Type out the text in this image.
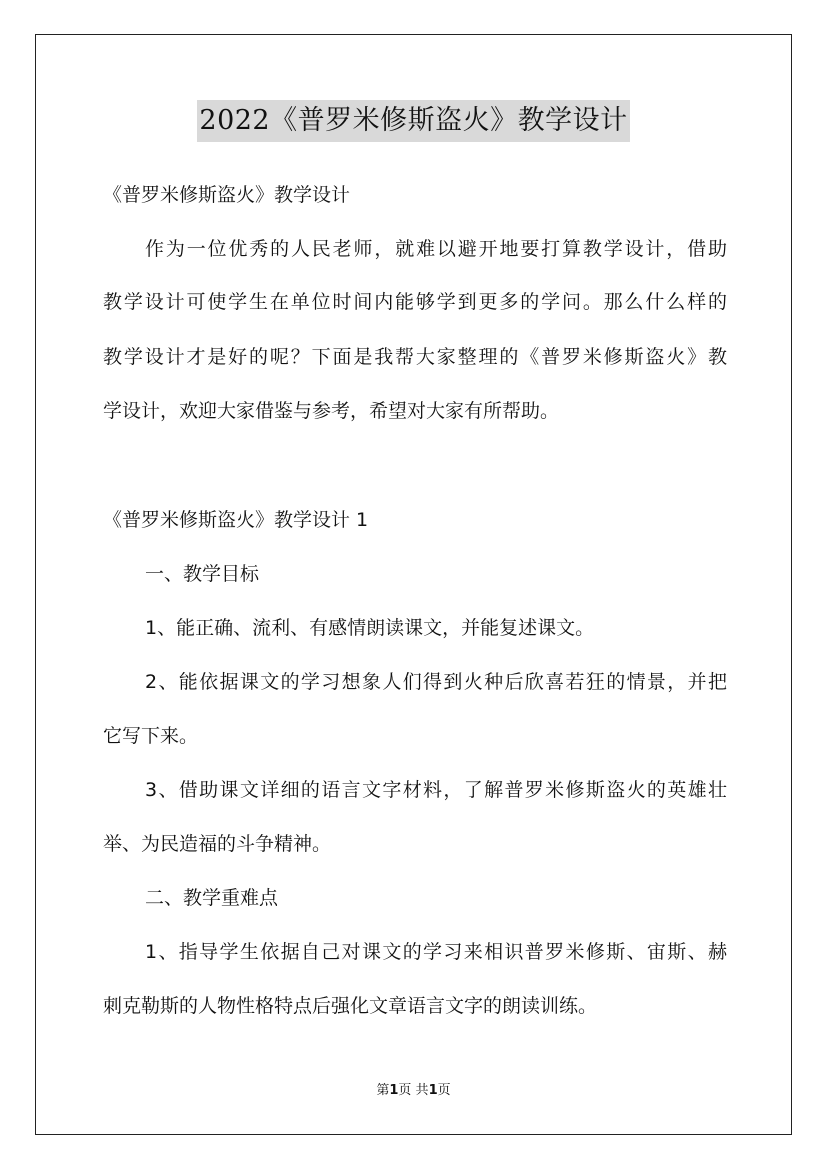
2022《普罗米修斯盗火》教学设计
《普罗米修斯盗火》教学设计
作为一位优秀的人民老师，就难以避开地要打算教学设计，借助
教学设计可使学生在单位时间内能够学到更多的学问。那么什么样的
教学设计才是好的呢？下面是我帮大家整理的《普罗米修斯盗火》教
学设计，欢迎大家借鉴与参考，希望对大家有所帮助。
《普罗米修斯盗火》教学设计 1
一、教学目标
1、能正确、流利、有感情朗读课文，并能复述课文。
2、能依据课文的学习想象人们得到火种后欣喜若狂的情景，并把
它写下来。
3、借助课文详细的语言文字材料，了解普罗米修斯盗火的英雄壮
举、为民造福的斗争精神。
二、教学重难点
1、指导学生依据自己对课文的学习来相识普罗米修斯、宙斯、赫
刺克勒斯的人物性格特点后强化文章语言文字的朗读训练。
第1页 共1页
